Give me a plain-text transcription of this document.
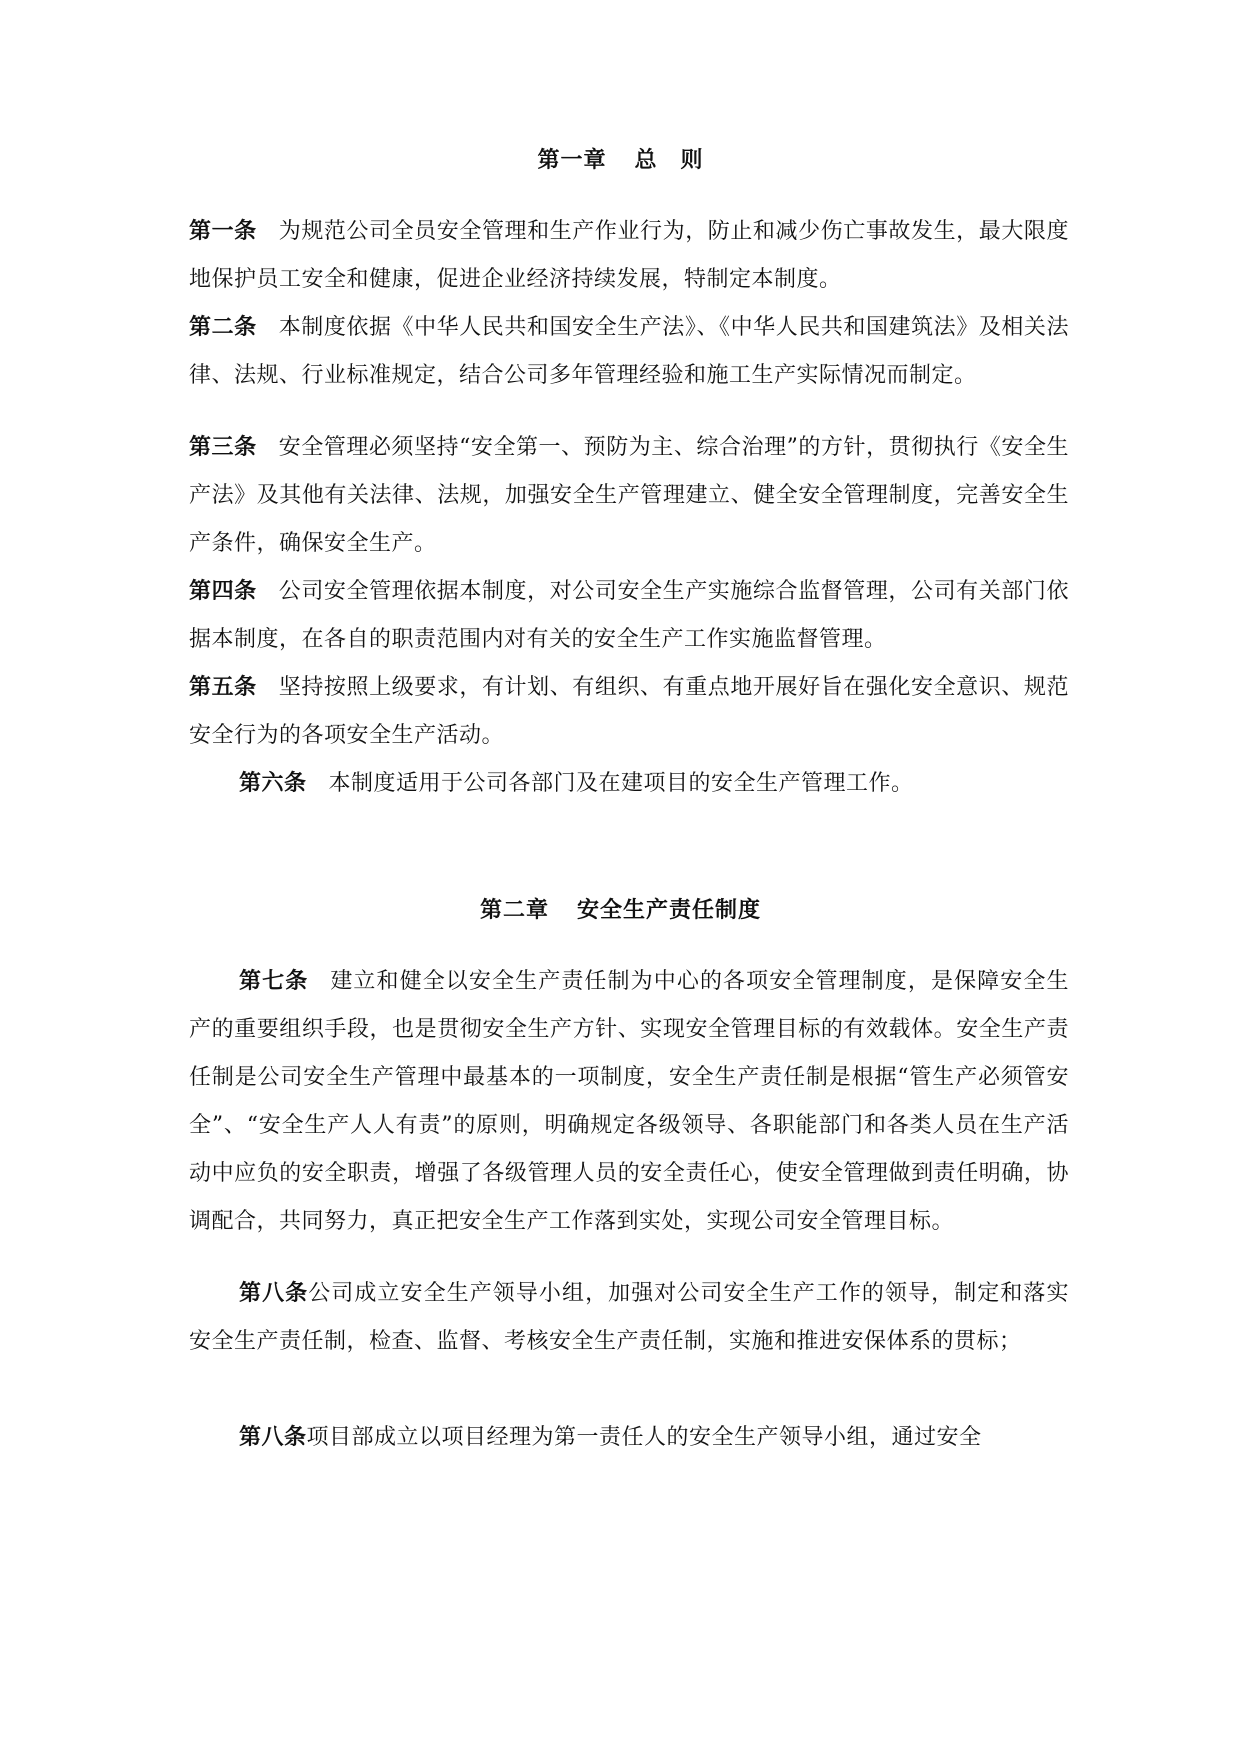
第一章 总　则

第一条 为规范公司全员安全管理和生产作业行为，防止和减少伤亡事故发生，最大限度地保护员工安全和健康，促进企业经济持续发展，特制定本制度。

第二条 本制度依据《中华人民共和国安全生产法》、《中华人民共和国建筑法》及相关法律、法规、行业标准规定，结合公司多年管理经验和施工生产实际情况而制定。

第三条 安全管理必须坚持“安全第一、预防为主、综合治理”的方针，贯彻执行《安全生产法》及其他有关法律、法规，加强安全生产管理建立、健全安全管理制度，完善安全生产条件，确保安全生产。

第四条 公司安全管理依据本制度，对公司安全生产实施综合监督管理，公司有关部门依据本制度，在各自的职责范围内对有关的安全生产工作实施监督管理。

第五条 坚持按照上级要求，有计划、有组织、有重点地开展好旨在强化安全意识、规范安全行为的各项安全生产活动。

第六条 本制度适用于公司各部门及在建项目的安全生产管理工作。

第二章 安全生产责任制度

第七条 建立和健全以安全生产责任制为中心的各项安全管理制度，是保障安全生产的重要组织手段，也是贯彻安全生产方针、实现安全管理目标的有效载体。安全生产责任制是公司安全生产管理中最基本的一项制度，安全生产责任制是根据“管生产必须管安全”、“安全生产人人有责”的原则，明确规定各级领导、各职能部门和各类人员在生产活动中应负的安全职责，增强了各级管理人员的安全责任心，使安全管理做到责任明确，协调配合，共同努力，真正把安全生产工作落到实处，实现公司安全管理目标。

第八条公司成立安全生产领导小组，加强对公司安全生产工作的领导，制定和落实安全生产责任制，检查、监督、考核安全生产责任制，实施和推进安保体系的贯标；

第八条项目部成立以项目经理为第一责任人的安全生产领导小组，通过安全
